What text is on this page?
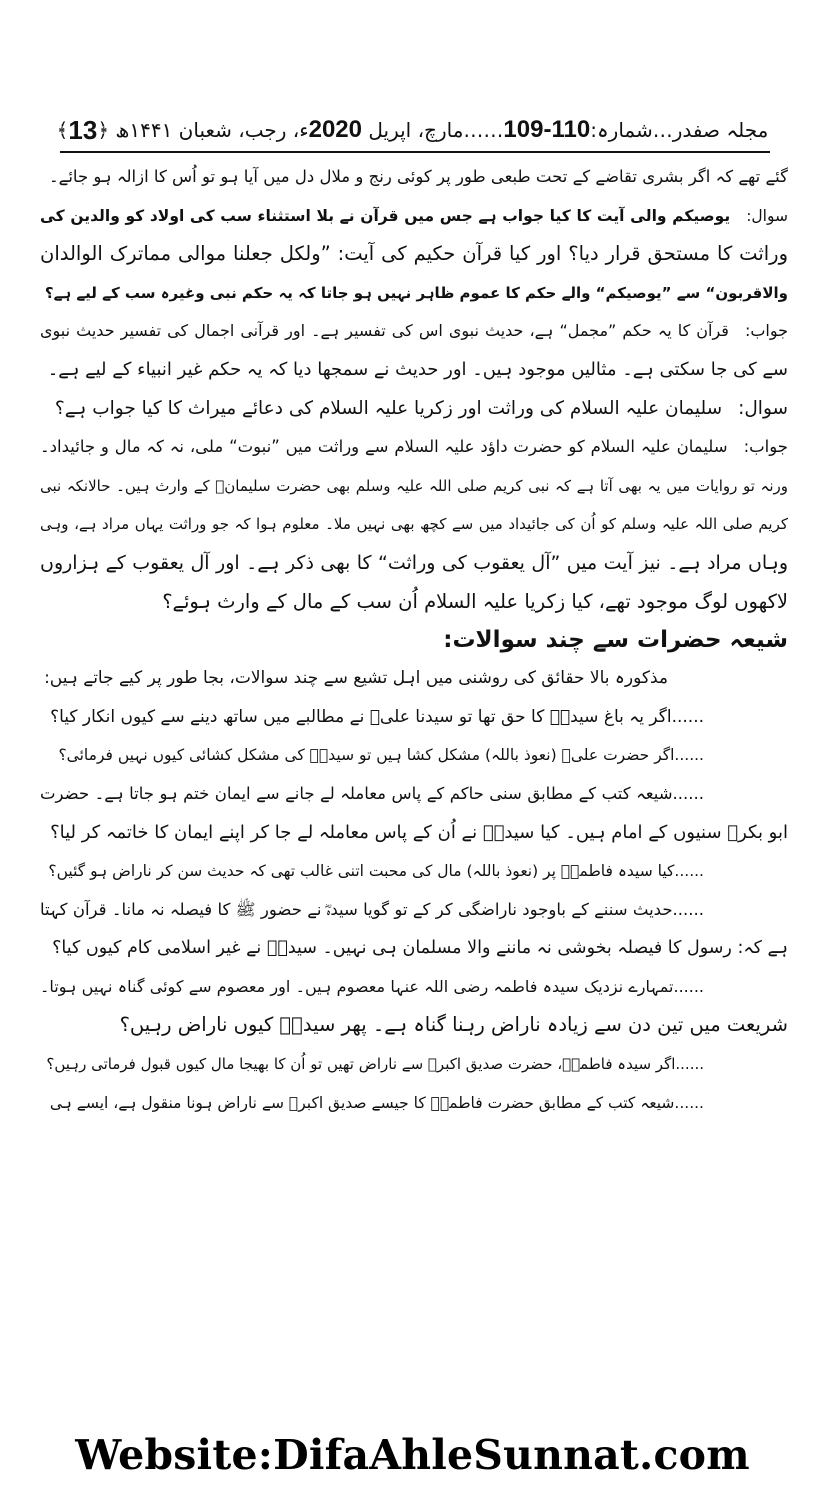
مجلہ صفدر
…
شمارہ
:
109-110
……
مارچ، اپریل

2020
ء،
رجب، شعبان ۱۴۴۱ھ
﴿
13
﴾
گئے تھے کہ اگر بشری تقاضے کے تحت طبعی طور پر کوئی رنج و ملال دل میں آیا ہو تو اُس کا ازالہ ہو جائے۔
سوال:یوصیکم والی آیت کا کیا جواب ہے جس میں قرآن نے بلا استثناء سب کی اولاد کو والدین کی
وراثت کا مستحق قرار دیا؟ اور کیا قرآن حکیم کی آیت: ”ولکل جعلنا موالی مماترک الوالدان
والاقربون“ سے ”یوصیکم“ والے حکم کا عموم ظاہر نہیں ہو جاتا کہ یہ حکم نبی وغیرہ سب کے لیے ہے؟
جواب:قرآن کا یہ حکم ”مجمل“ ہے، حدیث نبوی اس کی تفسیر ہے۔ اور قرآنی اجمال کی تفسیر حدیث نبوی
سے کی جا سکتی ہے۔ مثالیں موجود ہیں۔ اور حدیث نے سمجھا دیا کہ یہ حکم غیر انبیاء کے لیے ہے۔
سوال:سلیمان علیہ السلام کی وراثت اور زکریا علیہ السلام کی دعائے میراث کا کیا جواب ہے؟
جواب:سلیمان علیہ السلام کو حضرت داؤد علیہ السلام سے وراثت میں ”نبوت“ ملی، نہ کہ مال و جائیداد۔
ورنہ تو روایات میں یہ بھی آتا ہے کہ نبی کریم صلی اللہ علیہ وسلم بھی حضرت سلیمانؑ کے وارث ہیں۔ حالانکہ نبی
کریم صلی اللہ علیہ وسلم کو اُن کی جائیداد میں سے کچھ بھی نہیں ملا۔ معلوم ہوا کہ جو وراثت یہاں مراد ہے، وہی
وہاں مراد ہے۔ نیز آیت میں ”آل یعقوب کی وراثت“ کا بھی ذکر ہے۔ اور آل یعقوب کے ہزاروں
لاکھوں لوگ موجود تھے، کیا زکریا علیہ السلام اُن سب کے مال کے وارث ہوئے؟
شیعہ حضرات سے چند سوالات:
مذکورہ بالا حقائق کی روشنی میں اہل تشیع سے چند سوالات، بجا طور پر کیے جاتے ہیں:
......اگر یہ باغ سیدہؓ کا حق تھا تو سیدنا علیؓ نے مطالبے میں ساتھ دینے سے کیوں انکار کیا؟
......اگر حضرت علیؓ (نعوذ باللہ) مشکل کشا ہیں تو سیدہؓ کی مشکل کشائی کیوں نہیں فرمائی؟
......شیعہ کتب کے مطابق سنی حاکم کے پاس معاملہ لے جانے سے ایمان ختم ہو جاتا ہے۔ حضرت
ابو بکرؓ سنیوں کے امام ہیں۔ کیا سیدہؓ نے اُن کے پاس معاملہ لے جا کر اپنے ایمان کا خاتمہ کر لیا؟
......کیا سیدہ فاطمہؓ پر (نعوذ باللہ) مال کی محبت اتنی غالب تھی کہ حدیث سن کر ناراض ہو گئیں؟
......حدیث سننے کے باوجود ناراضگی کر کے تو گویا سیدہؓ نے حضور ﷺ کا فیصلہ نہ مانا۔ قرآن کہتا
ہے کہ: رسول کا فیصلہ بخوشی نہ ماننے والا مسلمان ہی نہیں۔ سیدہؓ نے غیر اسلامی کام کیوں کیا؟
......تمہارے نزدیک سیدہ فاطمہ رضی اللہ عنہا معصوم ہیں۔ اور معصوم سے کوئی گناہ نہیں ہوتا۔
شریعت میں تین دن سے زیادہ ناراض رہنا گناہ ہے۔ پھر سیدہؓ کیوں ناراض رہیں؟
......اگر سیدہ فاطمہؓ، حضرت صدیق اکبرؓ سے ناراض تھیں تو اُن کا بھیجا مال کیوں قبول فرماتی رہیں؟
......شیعہ کتب کے مطابق حضرت فاطمہؓ کا جیسے صدیق اکبرؓ سے ناراض ہونا منقول ہے، ایسے ہی
Website:DifaAhleSunnat.com
